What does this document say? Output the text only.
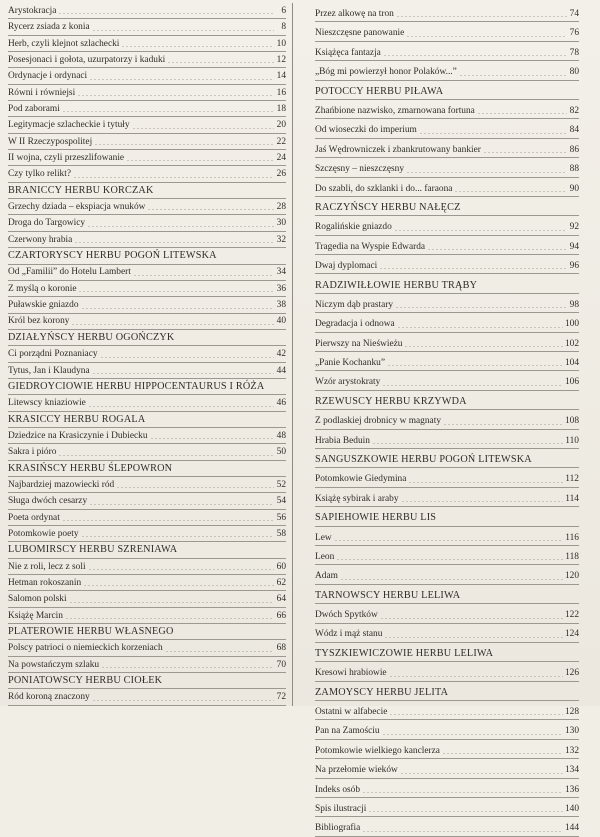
Arystokracja	6
Rycerz zsiada z konia	8
Herb, czyli klejnot szlachecki	10
Posesjonaci i gołota, uzurpatorzy i kaduki	12
Ordynacje i ordynaci	14
Równi i równiejsi	16
Pod zaborami	18
Legitymacje szlacheckie i tytuły	20
W II Rzeczypospolitej	22
II wojna, czyli przeszlifowanie	24
Czy tylko relikt?	26
BRANICCY HERBU KORCZAK
Grzechy dziada – ekspiacja wnuków	28
Droga do Targowicy	30
Czerwony hrabia	32
CZARTORYSCY HERBU POGOŃ LITEWSKA
Od „Familii” do Hotelu Lambert	34
Z myślą o koronie	36
Puławskie gniazdo	38
Król bez korony	40
DZIAŁYŃSCY HERBU OGOŃCZYK
Ci porządni Poznaniacy	42
Tytus, Jan i Klaudyna	44
GIEDROYCIOWIE HERBU HIPPOCENTAURUS I RÓŻA
Litewscy kniaziowie	46
KRASICCY HERBU ROGALA
Dziedzice na Krasiczynie i Dubiecku	48
Sakra i pióro	50
KRASIŃSCY HERBU ŚLEPOWRON
Najbardziej mazowiecki ród	52
Sługa dwóch cesarzy	54
Poeta ordynat	56
Potomkowie poety	58
LUBOMIRSCY HERBU SZRENIAWA
Nie z roli, lecz z soli	60
Hetman rokoszanin	62
Salomon polski	64
Książę Marcin	66
PLATEROWIE HERBU WŁASNEGO
Polscy patrioci o niemieckich korzeniach	68
Na powstańczym szlaku	70
PONIATOWSCY HERBU CIOŁEK
Ród koroną znaczony	72
Przez alkowę na tron	74
Nieszczęsne panowanie	76
Książęca fantazja	78
„Bóg mi powierzył honor Polaków...”	80
POTOCCY HERBU PIŁAWA
Zhańbione nazwisko, zmarnowana fortuna	82
Od wioseczki do imperium	84
Jaś Wędrowniczek i zbankrutowany bankier	86
Szczęsny – nieszczęsny	88
Do szabli, do szklanki i do... faraona	90
RACZYŃSCY HERBU NAŁĘCZ
Rogalińskie gniazdo	92
Tragedia na Wyspie Edwarda	94
Dwaj dyplomaci	96
RADZIWIŁŁOWIE HERBU TRĄBY
Niczym dąb prastary	98
Degradacja i odnowa	100
Pierwszy na Nieświeżu	102
„Panie Kochanku”	104
Wzór arystokraty	106
RZEWUSCY HERBU KRZYWDA
Z podlaskiej drobnicy w magnaty	108
Hrabia Beduin	110
SANGUSZKOWIE HERBU POGOŃ LITEWSKA
Potomkowie Giedymina	112
Książę sybirak i araby	114
SAPIEHOWIE HERBU LIS
Lew	116
Leon	118
Adam	120
TARNOWSCY HERBU LELIWA
Dwóch Spytków	122
Wódz i mąż stanu	124
TYSZKIEWICZOWIE HERBU LELIWA
Kresowi hrabiowie	126
ZAMOYSCY HERBU JELITA
Ostatni w alfabecie	128
Pan na Zamościu	130
Potomkowie wielkiego kanclerza	132
Na przełomie wieków	134
Indeks osób	136
Spis ilustracji	140
Bibliografia	144
